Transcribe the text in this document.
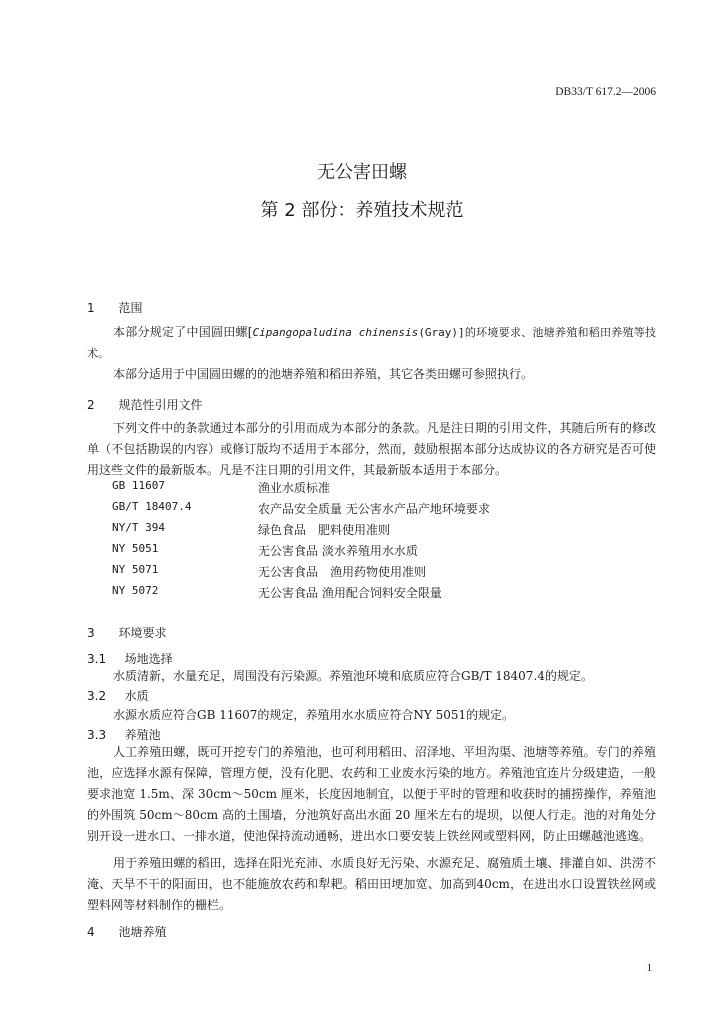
DB33/T 617.2—2006
无公害田螺
第 2 部份：养殖技术规范
1 范围
本部分规定了中国圆田螺[Cipangopaludina chinensis(Gray)]的环境要求、池塘养殖和稻田养殖等技术。
本部分适用于中国圆田螺的的池塘养殖和稻田养殖，其它各类田螺可参照执行。
2 规范性引用文件
下列文件中的条款通过本部分的引用而成为本部分的条款。凡是注日期的引用文件，其随后所有的修改单（不包括勘误的内容）或修订版均不适用于本部分，然而，鼓励根据本部分达成协议的各方研究是否可使用这些文件的最新版本。凡是不注日期的引用文件，其最新版本适用于本部分。
GB 11607	渔业水质标准
GB/T 18407.4	农产品安全质量 无公害水产品产地环境要求
NY/T 394	绿色食品　肥料使用准则
NY 5051	无公害食品 淡水养殖用水水质
NY 5071	无公害食品　渔用药物使用准则
NY 5072	无公害食品 渔用配合饲料安全限量
3 环境要求
3.1 场地选择
水质清新，水量充足，周围没有污染源。养殖池环境和底质应符合GB/T 18407.4的规定。
3.2 水质
水源水质应符合GB 11607的规定，养殖用水水质应符合NY 5051的规定。
3.3 养殖池
人工养殖田螺，既可开挖专门的养殖池，也可利用稻田、沼泽地、平坦沟渠、池塘等养殖。专门的养殖池，应选择水源有保障，管理方便，没有化肥、农药和工业废水污染的地方。养殖池宜连片分级建造，一般要求池宽 1.5m、深 30cm～50cm 厘米，长度因地制宜，以便于平时的管理和收获时的捕捞操作，养殖池的外围筑 50cm～80cm 高的土围墙，分池筑好高出水面 20 厘米左右的堤坝，以便人行走。池的对角处分别开设一进水口、一排水道，使池保持流动通畅，进出水口要安装上铁丝网或塑料网，防止田螺越池逃逸。
用于养殖田螺的稻田，选择在阳光充沛、水质良好无污染、水源充足、腐殖质土壤、排灌自如、洪涝不淹、天旱不干的阳面田，也不能施放农药和犁耙。稻田田埂加宽、加高到40cm，在进出水口设置铁丝网或塑料网等材料制作的栅栏。
4 池塘养殖
1
